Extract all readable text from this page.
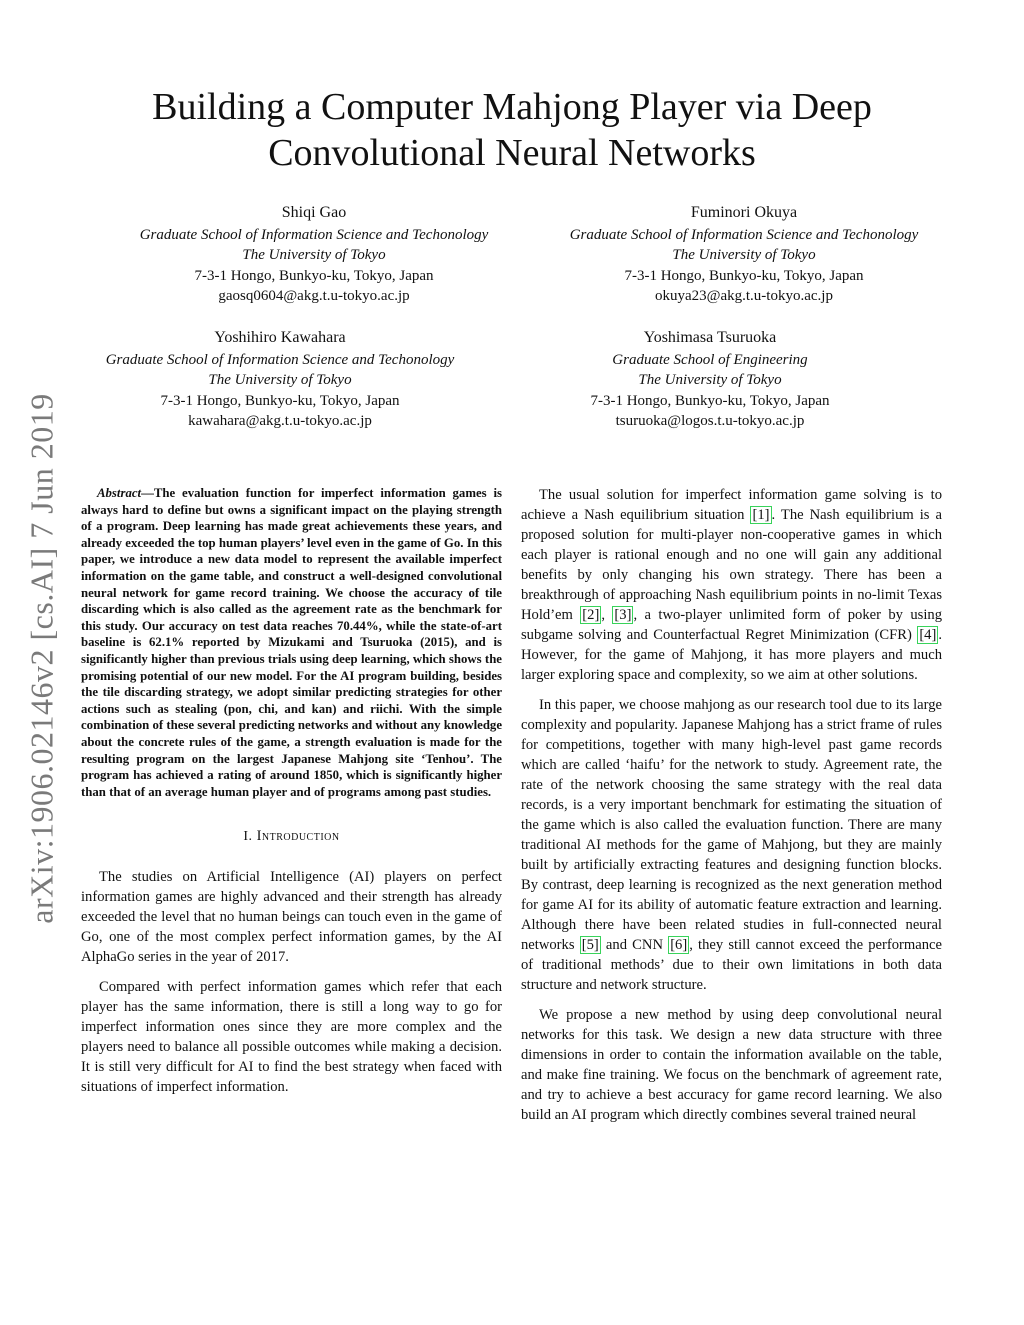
arXiv:1906.02146v2 [cs.AI] 7 Jun 2019
Building a Computer Mahjong Player via Deep
Convolutional Neural Networks
Shiqi Gao
Graduate School of Information Science and Techonology
The University of Tokyo
7-3-1 Hongo, Bunkyo-ku, Tokyo, Japan
gaosq0604@akg.t.u-tokyo.ac.jp
Fuminori Okuya
Graduate School of Information Science and Techonology
The University of Tokyo
7-3-1 Hongo, Bunkyo-ku, Tokyo, Japan
okuya23@akg.t.u-tokyo.ac.jp
Yoshihiro Kawahara
Graduate School of Information Science and Techonology
The University of Tokyo
7-3-1 Hongo, Bunkyo-ku, Tokyo, Japan
kawahara@akg.t.u-tokyo.ac.jp
Yoshimasa Tsuruoka
Graduate School of Engineering
The University of Tokyo
7-3-1 Hongo, Bunkyo-ku, Tokyo, Japan
tsuruoka@logos.t.u-tokyo.ac.jp

Abstract—The evaluation function for imperfect information games is always hard to define but owns a significant impact on the playing strength of a program. Deep learning has made great achievements these years, and already exceeded the top human players’ level even in the game of Go. In this paper, we introduce a new data model to represent the available imperfect information on the game table, and construct a well-designed convolutional neural network for game record training. We choose the accuracy of tile discarding which is also called as the agreement rate as the benchmark for this study. Our accuracy on test data reaches 70.44%, while the state-of-art baseline is 62.1% reported by Mizukami and Tsuruoka (2015), and is significantly higher than previous trials using deep learning, which shows the promising potential of our new model. For the AI program building, besides the tile discarding strategy, we adopt similar predicting strategies for other actions such as stealing (pon, chi, and kan) and riichi. With the simple combination of these several predicting networks and without any knowledge about the concrete rules of the game, a strength evaluation is made for the resulting program on the largest Japanese Mahjong site ‘Tenhou’. The program has achieved a rating of around 1850, which is significantly higher than that of an average human player and of programs among past studies.

I. Introduction

The studies on Artificial Intelligence (AI) players on perfect information games are highly advanced and their strength has already exceeded the level that no human beings can touch even in the game of Go, one of the most complex perfect information games, by the AI AlphaGo series in the year of 2017.

Compared with perfect information games which refer that each player has the same information, there is still a long way to go for imperfect information ones since they are more complex and the players need to balance all possible outcomes while making a decision. It is still very difficult for AI to find the best strategy when faced with situations of imperfect information.

The usual solution for imperfect information game solving is to achieve a Nash equilibrium situation [1] . The Nash equilibrium is a proposed solution for multi-player non-cooperative games in which each player is rational enough and no one will gain any additional benefits by only changing his own strategy. There has been a breakthrough of approaching Nash equilibrium points in no-limit Texas Hold’em [2] , [3] , a two-player unlimited form of poker by using subgame solving and Counterfactual Regret Minimization (CFR) [4] . However, for the game of Mahjong, it has more players and much larger exploring space and complexity, so we aim at other solutions.

In this paper, we choose mahjong as our research tool due to its large complexity and popularity. Japanese Mahjong has a strict frame of rules for competitions, together with many high-level past game records which are called ‘haifu’ for the network to study. Agreement rate, the rate of the network choosing the same strategy with the real data records, is a very important benchmark for estimating the situation of the game which is also called the evaluation function. There are many traditional AI methods for the game of Mahjong, but they are mainly built by artificially extracting features and designing function blocks. By contrast, deep learning is recognized as the next generation method for game AI for its ability of automatic feature extraction and learning. Although there have been related studies in full-connected neural networks [5] and CNN [6] , they still cannot exceed the performance of traditional methods’ due to their own limitations in both data structure and network structure.

We propose a new method by using deep convolutional neural networks for this task. We design a new data structure with three dimensions in order to contain the information available on the table, and make fine training. We focus on the benchmark of agreement rate, and try to achieve a best accuracy for game record learning. We also build an AI program which directly combines several trained neural
